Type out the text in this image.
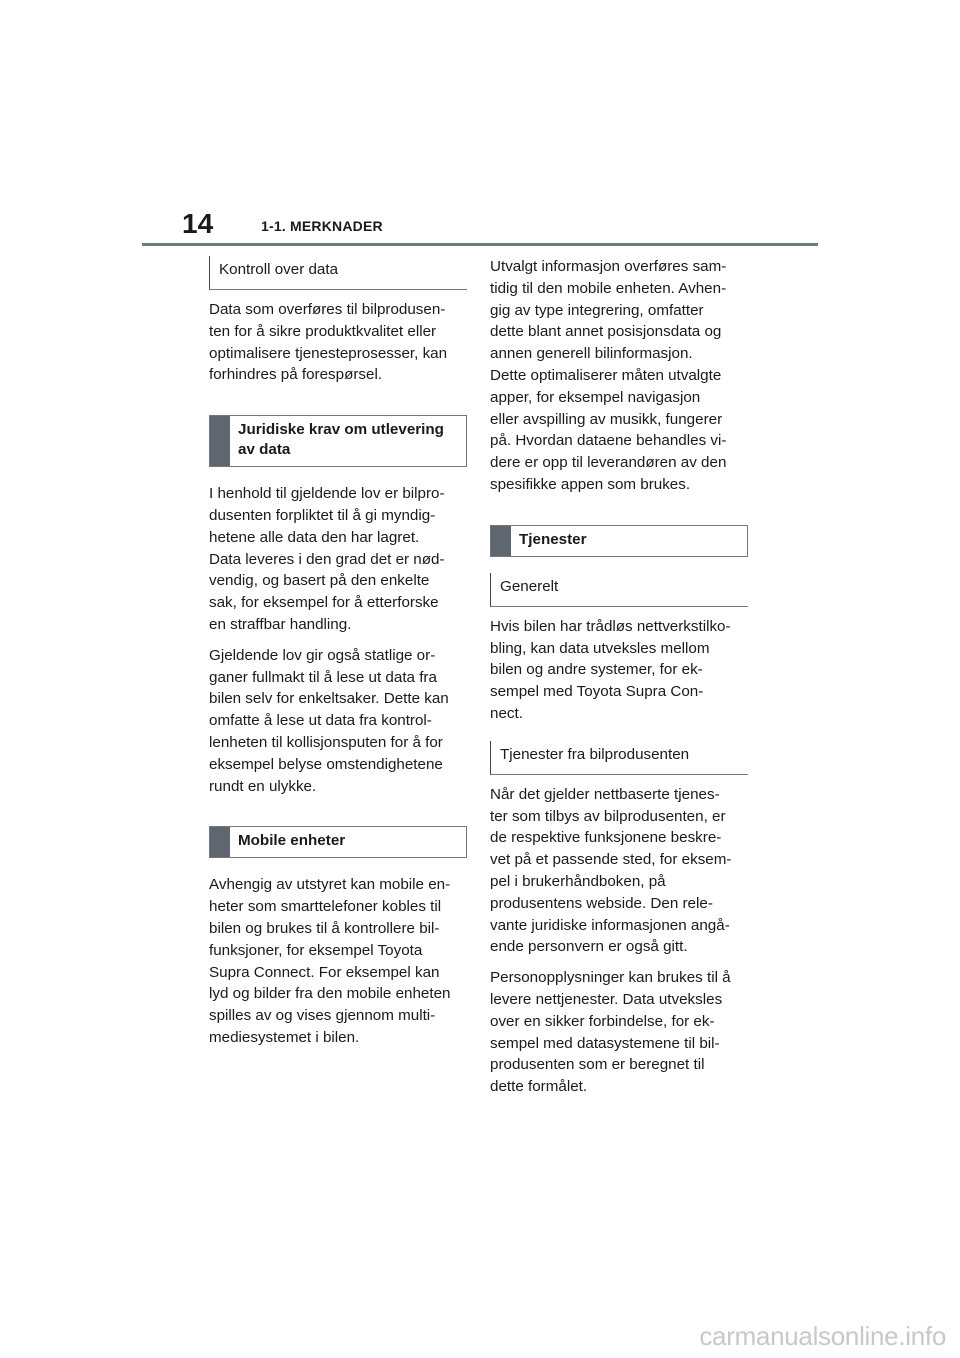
14	1-1. MERKNADER
Kontroll over data

Data som overføres til bilprodusen-
ten for å sikre produktkvalitet eller
optimalisere tjenesteprosesser, kan
forhindres på forespørsel.

Juridiske krav om utlevering
av data

I henhold til gjeldende lov er bilpro-
dusenten forpliktet til å gi myndig-
hetene alle data den har lagret.
Data leveres i den grad det er nød-
vendig, og basert på den enkelte
sak, for eksempel for å etterforske
en straffbar handling.

Gjeldende lov gir også statlige or-
ganer fullmakt til å lese ut data fra
bilen selv for enkeltsaker. Dette kan
omfatte å lese ut data fra kontrol-
lenheten til kollisjonsputen for å for
eksempel belyse omstendighetene
rundt en ulykke.

Mobile enheter

Avhengig av utstyret kan mobile en-
heter som smarttelefoner kobles til
bilen og brukes til å kontrollere bil-
funksjoner, for eksempel Toyota
Supra Connect. For eksempel kan
lyd og bilder fra den mobile enheten
spilles av og vises gjennom multi-
mediesystemet i bilen.

Utvalgt informasjon overføres sam-
tidig til den mobile enheten. Avhen-
gig av type integrering, omfatter
dette blant annet posisjonsdata og
annen generell bilinformasjon.
Dette optimaliserer måten utvalgte
apper, for eksempel navigasjon
eller avspilling av musikk, fungerer
på. Hvordan dataene behandles vi-
dere er opp til leverandøren av den
spesifikke appen som brukes.

Tjenester
Generelt

Hvis bilen har trådløs nettverkstilko-
bling, kan data utveksles mellom
bilen og andre systemer, for ek-
sempel med Toyota Supra Con-
nect.

Tjenester fra bilprodusenten

Når det gjelder nettbaserte tjenes-
ter som tilbys av bilprodusenten, er
de respektive funksjonene beskre-
vet på et passende sted, for eksem-
pel i brukerhåndboken, på
produsentens webside. Den rele-
vante juridiske informasjonen angå-
ende personvern er også gitt.

Personopplysninger kan brukes til å
levere nettjenester. Data utveksles
over en sikker forbindelse, for ek-
sempel med datasystemene til bil-
produsenten som er beregnet til
dette formålet.

carmanualsonline.info
